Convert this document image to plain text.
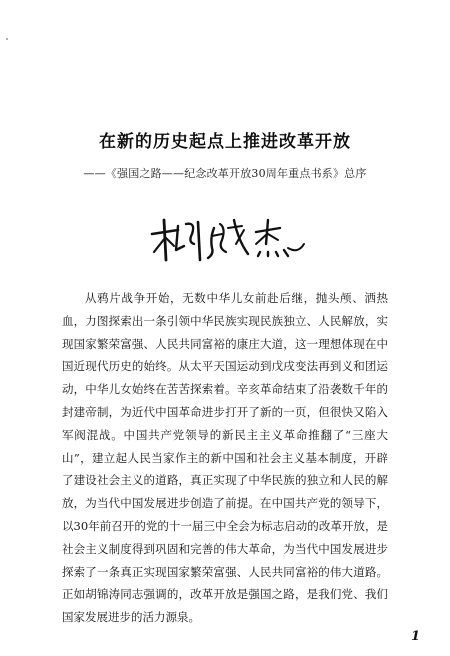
在新的历史起点上推进改革开放
——《强国之路——纪念改革开放30周年重点书系》总序

从鸦片战争开始，无数中华儿女前赴后继，抛头颅、洒热血，力图探索出一条引领中华民族实现民族独立、人民解放，实现国家繁荣富强、人民共同富裕的康庄大道，这一理想体现在中国近现代历史的始终。从太平天国运动到戊戌变法再到义和团运动，中华儿女始终在苦苦探索着。辛亥革命结束了沿袭数千年的封建帝制，为近代中国革命进步打开了新的一页，但很快又陷入军阀混战。中国共产党领导的新民主主义革命推翻了“三座大山”，建立起人民当家作主的新中国和社会主义基本制度，开辟了建设社会主义的道路，真正实现了中华民族的独立和人民的解放，为当代中国发展进步创造了前提。在中国共产党的领导下，以30年前召开的党的十一届三中全会为标志启动的改革开放，是社会主义制度得到巩固和完善的伟大革命，为当代中国发展进步探索了一条真正实现国家繁荣富强、人民共同富裕的伟大道路。正如胡锦涛同志强调的，改革开放是强国之路，是我们党、我们国家发展进步的活力源泉。

1
